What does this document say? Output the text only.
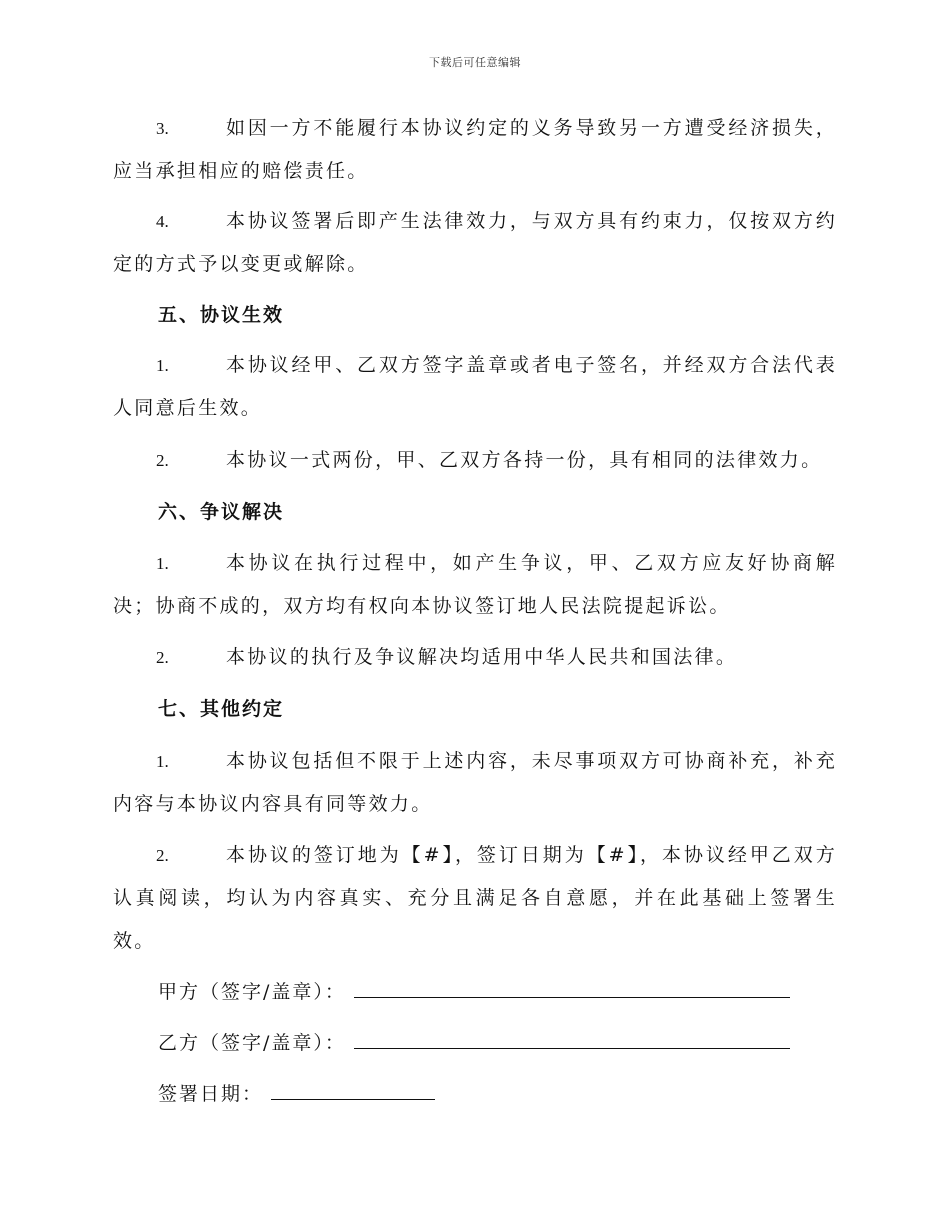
下载后可任意编辑
3.	如因一方不能履行本协议约定的义务导致另一方遭受经济损失，应当承担相应的赔偿责任。
4.	本协议签署后即产生法律效力，与双方具有约束力，仅按双方约定的方式予以变更或解除。
五、协议生效
1.	本协议经甲、乙双方签字盖章或者电子签名，并经双方合法代表人同意后生效。
2.	本协议一式两份，甲、乙双方各持一份，具有相同的法律效力。
六、争议解决
1.	本协议在执行过程中，如产生争议，甲、乙双方应友好协商解决；协商不成的，双方均有权向本协议签订地人民法院提起诉讼。
2.	本协议的执行及争议解决均适用中华人民共和国法律。
七、其他约定
1.	本协议包括但不限于上述内容，未尽事项双方可协商补充，补充内容与本协议内容具有同等效力。
2.	本协议的签订地为【#】，签订日期为【#】，本协议经甲乙双方认真阅读，均认为内容真实、充分且满足各自意愿，并在此基础上签署生效。
甲方（签字/盖章）：
乙方（签字/盖章）：
签署日期：
